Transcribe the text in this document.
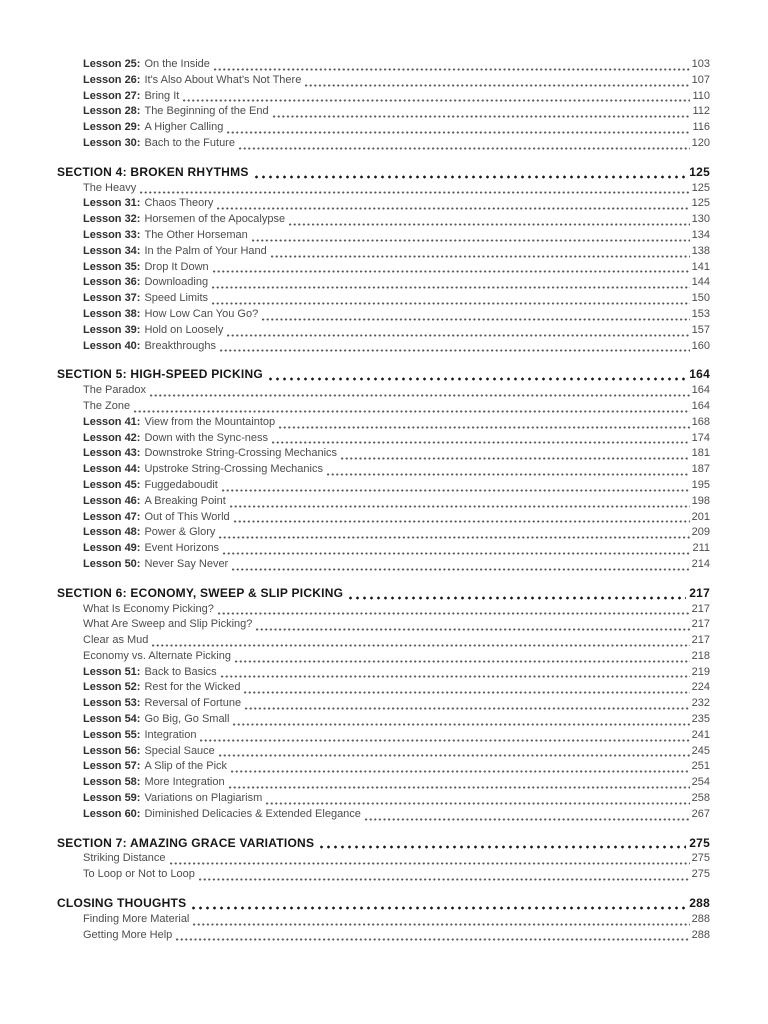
Lesson 25: On the Inside	103
Lesson 26: It's Also About What's Not There	107
Lesson 27: Bring It	110
Lesson 28: The Beginning of the End	112
Lesson 29: A Higher Calling	116
Lesson 30: Bach to the Future	120
SECTION 4: BROKEN RHYTHMS	125
The Heavy	125
Lesson 31: Chaos Theory	125
Lesson 32: Horsemen of the Apocalypse	130
Lesson 33: The Other Horseman	134
Lesson 34: In the Palm of Your Hand	138
Lesson 35: Drop It Down	141
Lesson 36: Downloading	144
Lesson 37: Speed Limits	150
Lesson 38: How Low Can You Go?	153
Lesson 39: Hold on Loosely	157
Lesson 40: Breakthroughs	160
SECTION 5: HIGH-SPEED PICKING	164
The Paradox	164
The Zone	164
Lesson 41: View from the Mountaintop	168
Lesson 42: Down with the Sync-ness	174
Lesson 43: Downstroke String-Crossing Mechanics	181
Lesson 44: Upstroke String-Crossing Mechanics	187
Lesson 45: Fuggedaboudit	195
Lesson 46: A Breaking Point	198
Lesson 47: Out of This World	201
Lesson 48: Power & Glory	209
Lesson 49: Event Horizons	211
Lesson 50: Never Say Never	214
SECTION 6: ECONOMY, SWEEP & SLIP PICKING	217
What Is Economy Picking?	217
What Are Sweep and Slip Picking?	217
Clear as Mud	217
Economy vs. Alternate Picking	218
Lesson 51: Back to Basics	219
Lesson 52: Rest for the Wicked	224
Lesson 53: Reversal of Fortune	232
Lesson 54: Go Big, Go Small	235
Lesson 55: Integration	241
Lesson 56: Special Sauce	245
Lesson 57: A Slip of the Pick	251
Lesson 58: More Integration	254
Lesson 59: Variations on Plagiarism	258
Lesson 60: Diminished Delicacies & Extended Elegance	267
SECTION 7: AMAZING GRACE VARIATIONS	275
Striking Distance	275
To Loop or Not to Loop	275
CLOSING THOUGHTS	288
Finding More Material	288
Getting More Help	288
